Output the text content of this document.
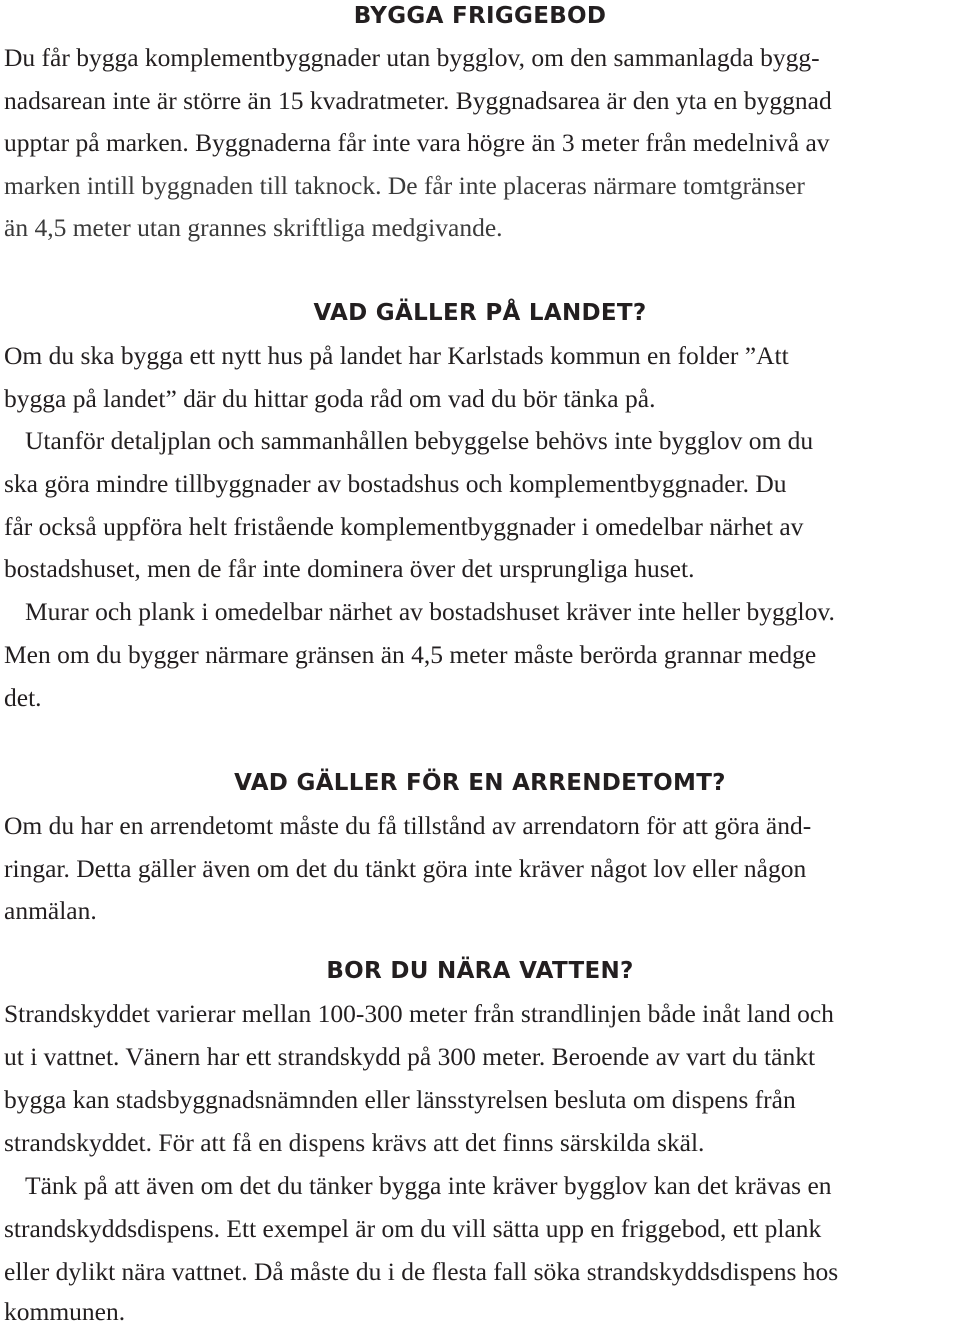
BYGGA FRIGGEBOD

Du får bygga komplementbyggnader utan bygglov, om den sammanlagda bygg-

nadsarean inte är större än 15 kvadratmeter. Byggnadsarea är den yta en byggnad

upptar på marken. Byggnaderna får inte vara högre än 3 meter från medelnivå av

marken intill byggnaden till taknock. De får inte placeras närmare tomtgränser

än 4,5 meter utan grannes skriftliga medgivande.

VAD GÄLLER PÅ LANDET?

Om du ska bygga ett nytt hus på landet har Karlstads kommun en folder ”Att

bygga på landet” där du hittar goda råd om vad du bör tänka på.

Utanför detaljplan och sammanhållen bebyggelse behövs inte bygglov om du

ska göra mindre tillbyggnader av bostadshus och komplementbyggnader. Du

får också uppföra helt fristående komplementbyggnader i omedelbar närhet av

bostadshuset, men de får inte dominera över det ursprungliga huset.

Murar och plank i omedelbar närhet av bostadshuset kräver inte heller bygglov.

Men om du bygger närmare gränsen än 4,5 meter måste berörda grannar medge

det.

VAD GÄLLER FÖR EN ARRENDETOMT?

Om du har en arrendetomt måste du få tillstånd av arrendatorn för att göra änd-

ringar. Detta gäller även om det du tänkt göra inte kräver något lov eller någon

anmälan.

BOR DU NÄRA VATTEN?

Strandskyddet varierar mellan 100-300 meter från strandlinjen både inåt land och

ut i vattnet. Vänern har ett strandskydd på 300 meter. Beroende av vart du tänkt

bygga kan stadsbyggnadsnämnden eller länsstyrelsen besluta om dispens från

strandskyddet. För att få en dispens krävs att det finns särskilda skäl.

Tänk på att även om det du tänker bygga inte kräver bygglov kan det krävas en

strandskyddsdispens. Ett exempel är om du vill sätta upp en friggebod, ett plank

eller dylikt nära vattnet. Då måste du i de flesta fall söka strandskyddsdispens hos

kommunen.
